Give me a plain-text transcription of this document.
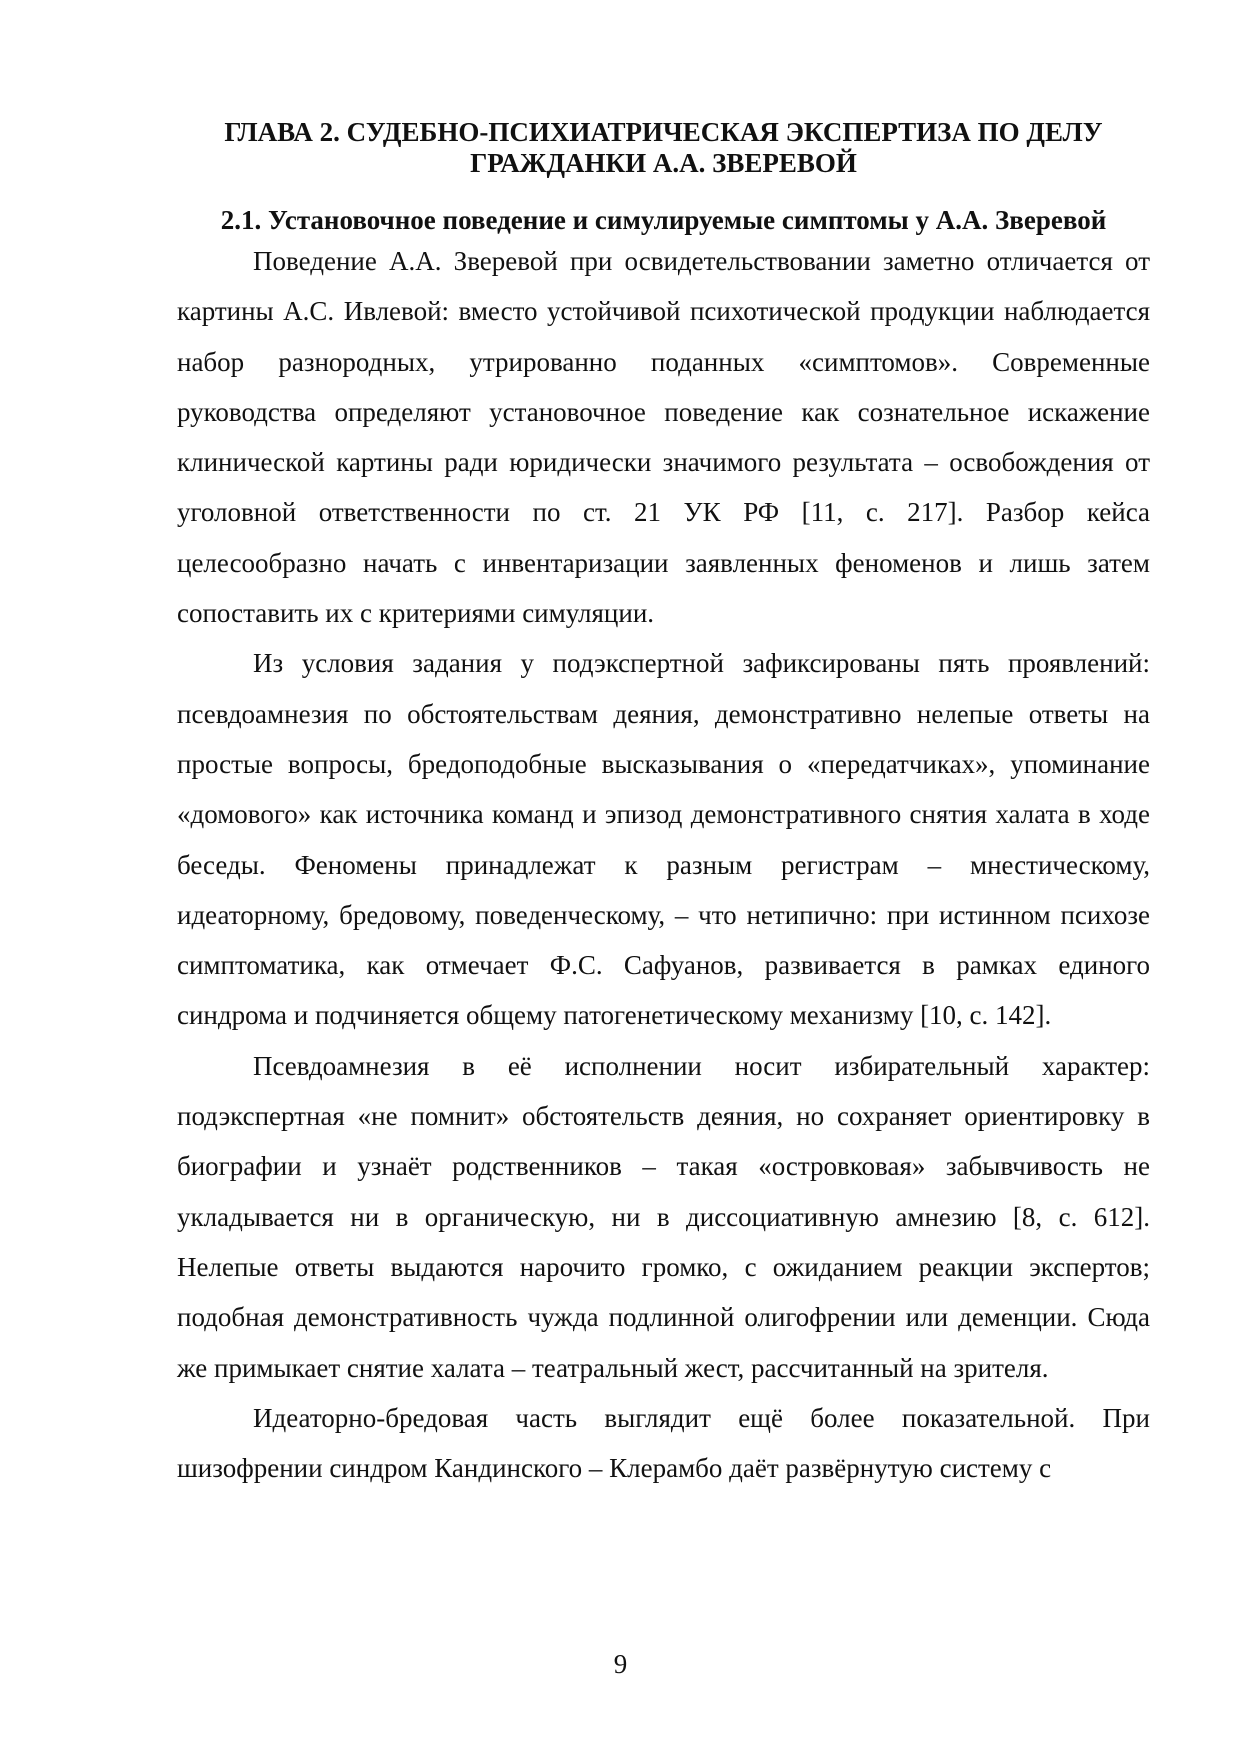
ГЛАВА 2. СУДЕБНО-ПСИХИАТРИЧЕСКАЯ ЭКСПЕРТИЗА ПО ДЕЛУ ГРАЖДАНКИ А.А. ЗВЕРЕВОЙ
2.1. Установочное поведение и симулируемые симптомы у А.А. Зверевой

Поведение А.А. Зверевой при освидетельствовании заметно отличается от картины А.С. Ивлевой: вместо устойчивой психотической продукции наблюдается набор разнородных, утрированно поданных «симптомов». Современные руководства определяют установочное поведение как сознательное искажение клинической картины ради юридически значимого результата – освобождения от уголовной ответственности по ст. 21 УК РФ [11, с. 217]. Разбор кейса целесообразно начать с инвентаризации заявленных феноменов и лишь затем сопоставить их с критериями симуляции.

Из условия задания у подэкспертной зафиксированы пять проявлений: псевдоамнезия по обстоятельствам деяния, демонстративно нелепые ответы на простые вопросы, бредоподобные высказывания о «передатчиках», упоминание «домового» как источника команд и эпизод демонстративного снятия халата в ходе беседы. Феномены принадлежат к разным регистрам – мнестическому, идеаторному, бредовому, поведенческому, – что нетипично: при истинном психозе симптоматика, как отмечает Ф.С. Сафуанов, развивается в рамках единого синдрома и подчиняется общему патогенетическому механизму [10, с. 142].

Псевдоамнезия в её исполнении носит избирательный характер: подэкспертная «не помнит» обстоятельств деяния, но сохраняет ориентировку в биографии и узнаёт родственников – такая «островковая» забывчивость не укладывается ни в органическую, ни в диссоциативную амнезию [8, с. 612]. Нелепые ответы выдаются нарочито громко, с ожиданием реакции экспертов; подобная демонстративность чужда подлинной олигофрении или деменции. Сюда же примыкает снятие халата – театральный жест, рассчитанный на зрителя.

Идеаторно-бредовая часть выглядит ещё более показательной. При шизофрении синдром Кандинского – Клерамбо даёт развёрнутую систему с

9
